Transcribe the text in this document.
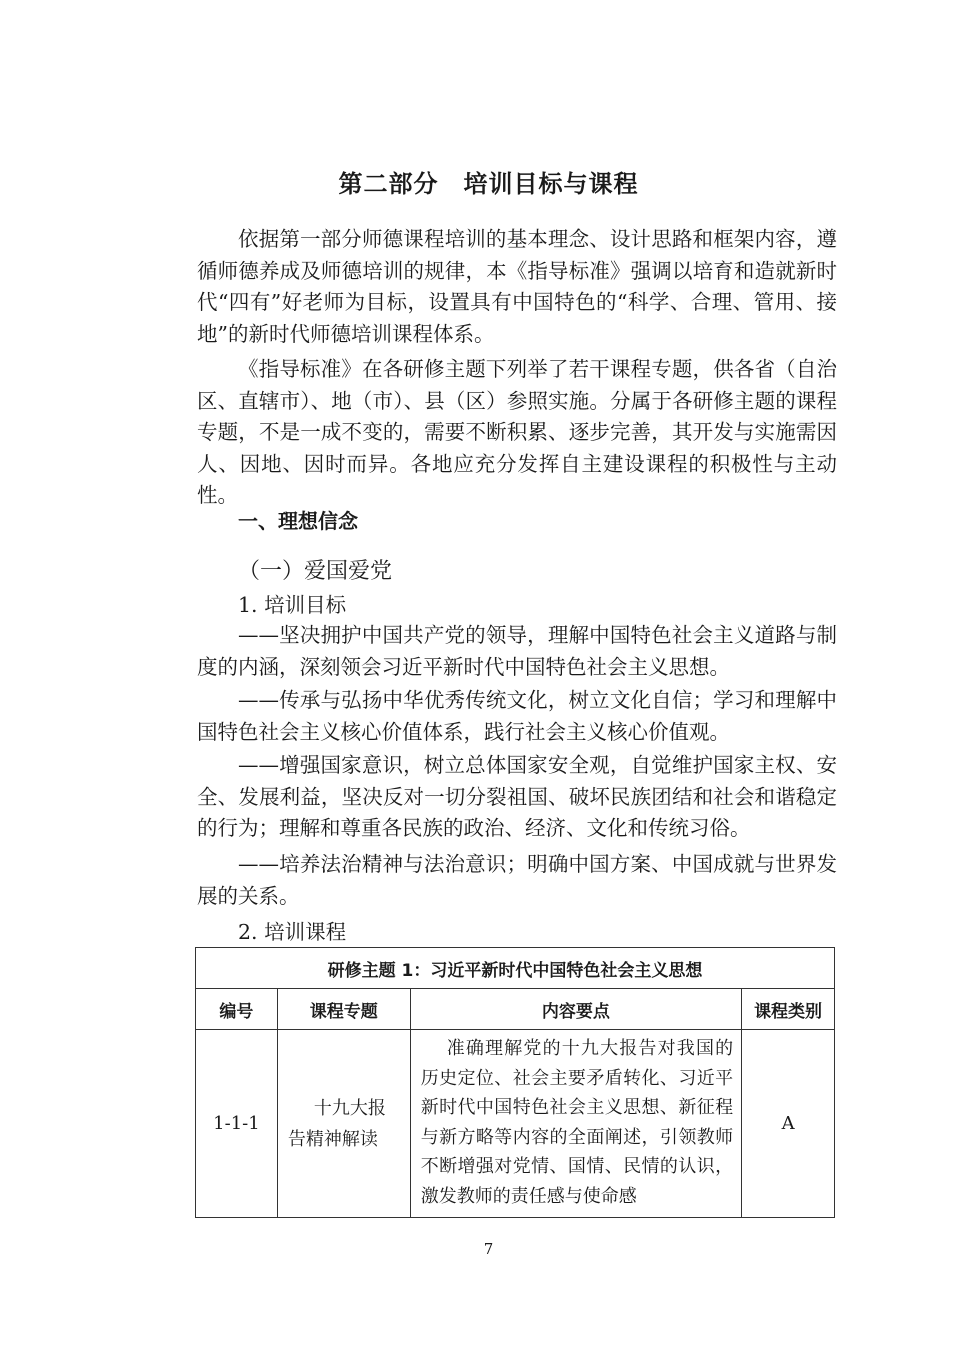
第二部分　培训目标与课程

依据第一部分师德课程培训的基本理念、设计思路和框架内容，遵循师德养成及师德培训的规律，本《指导标准》强调以培育和造就新时代“四有”好老师为目标，设置具有中国特色的“科学、合理、管用、接地”的新时代师德培训课程体系。

《指导标准》在各研修主题下列举了若干课程专题，供各省（自治区、直辖市）、地（市）、县（区）参照实施。分属于各研修主题的课程专题，不是一成不变的，需要不断积累、逐步完善，其开发与实施需因人、因地、因时而异。各地应充分发挥自主建设课程的积极性与主动性。

一、理想信念
（一）爱国爱党
1. 培训目标

——坚决拥护中国共产党的领导，理解中国特色社会主义道路与制度的内涵，深刻领会习近平新时代中国特色社会主义思想。

——传承与弘扬中华优秀传统文化，树立文化自信；学习和理解中国特色社会主义核心价值体系，践行社会主义核心价值观。

——增强国家意识，树立总体国家安全观，自觉维护国家主权、安全、发展利益，坚决反对一切分裂祖国、破坏民族团结和社会和谐稳定的行为；理解和尊重各民族的政治、经济、文化和传统习俗。

——培养法治精神与法治意识；明确中国方案、中国成就与世界发展的关系。

2. 培训课程
研修主题 1：习近平新时代中国特色社会主义思想			
编号	课程专题	内容要点	课程类别
1-1-1	十九大报告精神解读	准确理解党的十九大报告对我国的历史定位、社会主要矛盾转化、习近平新时代中国特色社会主义思想、新征程与新方略等内容的全面阐述，引领教师不断增强对党情、国情、民情的认识，激发教师的责任感与使命感	A
7
